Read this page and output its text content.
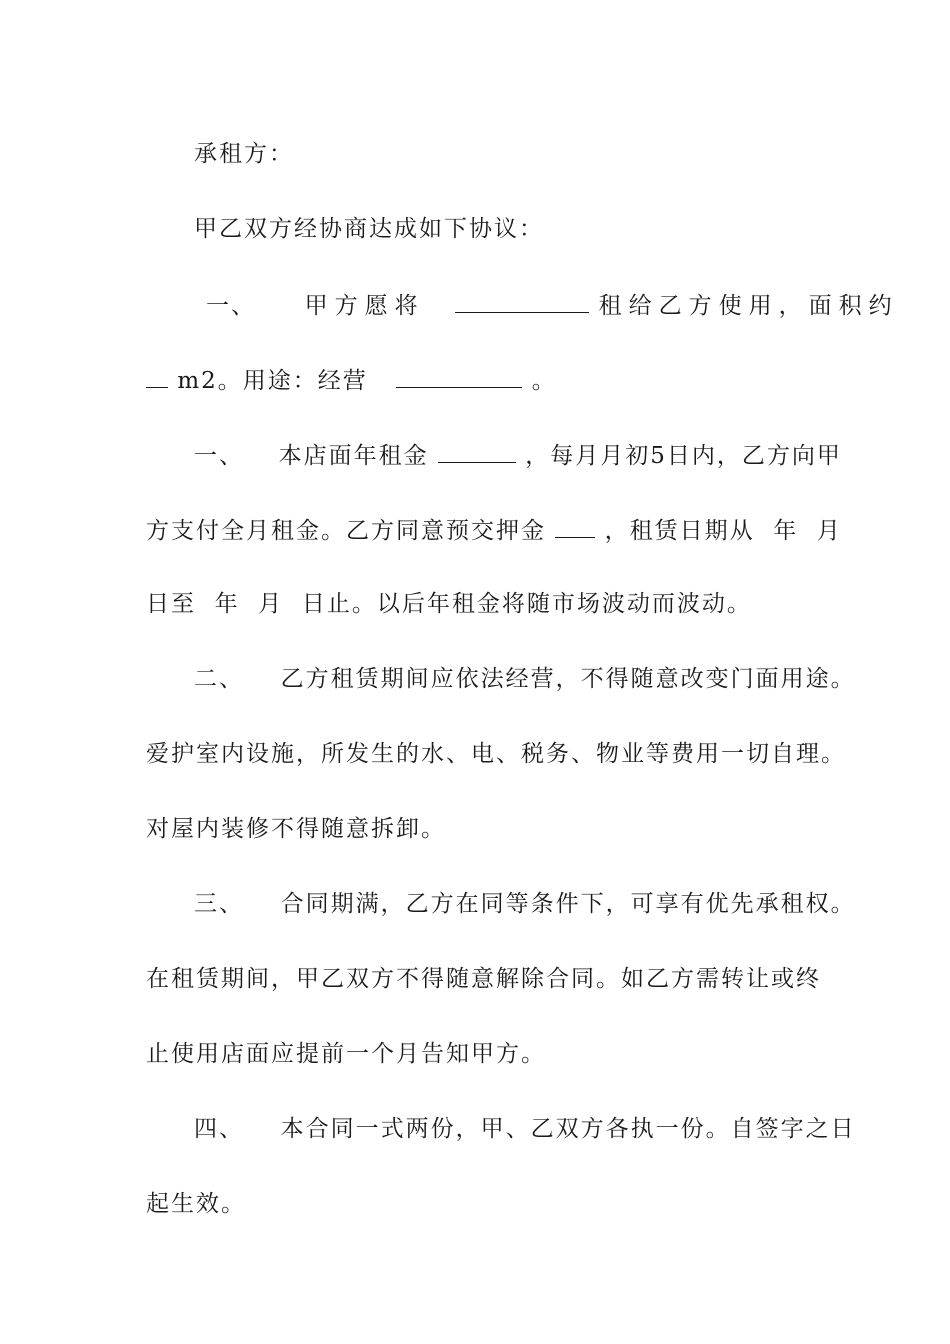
承租方：
甲乙双方经协商达成如下协议：
一、 甲方愿将	租给乙方使用，面积约
m2。用途：经营	。
一、 本店面年租金	，每月月初5日内，乙方向甲
方支付全月租金。乙方同意预交押金	，租赁日期从  年  月
日至  年  月  日止。以后年租金将随市场波动而波动。
二、 乙方租赁期间应依法经营，不得随意改变门面用途。
爱护室内设施，所发生的水、电、税务、物业等费用一切自理。
对屋内装修不得随意拆卸。
三、 合同期满，乙方在同等条件下，可享有优先承租权。
在租赁期间，甲乙双方不得随意解除合同。如乙方需转让或终
止使用店面应提前一个月告知甲方。
四、 本合同一式两份，甲、乙双方各执一份。自签字之日
起生效。
